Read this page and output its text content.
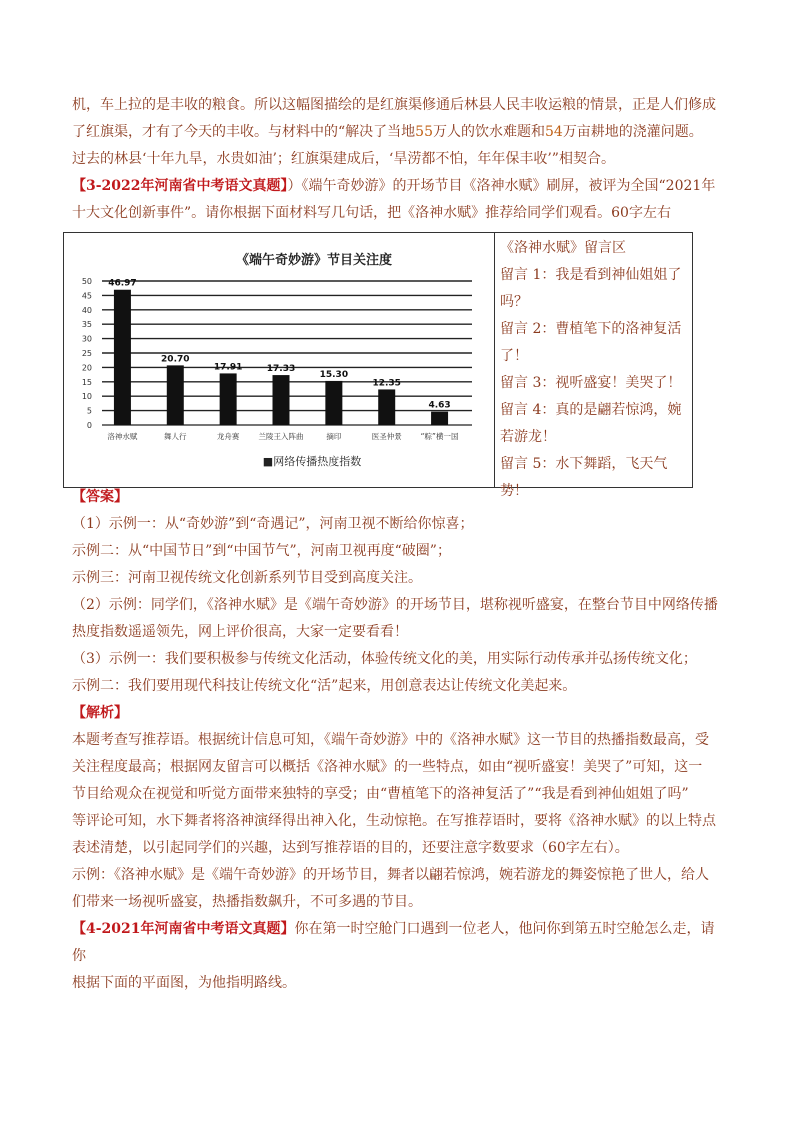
机，车上拉的是丰收的粮食。所以这幅图描绘的是红旗渠修通后林县人民丰收运粮的情景，正是人们修成

了红旗渠，才有了今天的丰收。与材料中的“解决了当地55万人的饮水难题和54万亩耕地的浇灌问题。

过去的林县‘十年九旱，水贵如油’；红旗渠建成后，‘旱涝都不怕，年年保丰收’”相契合。

【3-2022年河南省中考语文真题】）《端午奇妙游》的开场节目《洛神水赋》刷屏，被评为全国“2021年

十大文化创新事件”。请你根据下面材料写几句话，把《洛神水赋》推荐给同学们观看。60字左右

《端午奇妙游》节目关注度
50
45
40
35
30
25
20
15
10
5
0
46.97
洛神水赋
20.70
舞人行
17.91
龙舟赛
17.33
兰陵王入阵曲
15.30
摘印
12.35
医圣仲景
4.63
“粽”横一国
■网络传播热度指数
《洛神水赋》留言区
留言 1：我是看到神仙姐姐了
吗？
留言 2：曹植笔下的洛神复活
了！
留言 3：视听盛宴！美哭了！
留言 4：真的是翩若惊鸿，婉
若游龙！
留言 5：水下舞蹈，飞天气势！

【答案】

（1）示例一：从“奇妙游”到“奇遇记”，河南卫视不断给你惊喜；

示例二：从“中国节日”到“中国节气”，河南卫视再度“破圈”；

示例三：河南卫视传统文化创新系列节目受到高度关注。

（2）示例：同学们，《洛神水赋》是《端午奇妙游》的开场节目，堪称视听盛宴，在整台节目中网络传播

热度指数遥遥领先，网上评价很高，大家一定要看看！

（3）示例一：我们要积极参与传统文化活动，体验传统文化的美，用实际行动传承并弘扬传统文化；

示例二：我们要用现代科技让传统文化“活”起来，用创意表达让传统文化美起来。

【解析】

本题考查写推荐语。根据统计信息可知，《端午奇妙游》中的《洛神水赋》这一节目的热播指数最高，受

关注程度最高；根据网友留言可以概括《洛神水赋》的一些特点，如由“视听盛宴！美哭了”可知，这一

节目给观众在视觉和听觉方面带来独特的享受；由“曹植笔下的洛神复活了”“我是看到神仙姐姐了吗”

等评论可知，水下舞者将洛神演绎得出神入化，生动惊艳。在写推荐语时，要将《洛神水赋》的以上特点

表述清楚，以引起同学们的兴趣，达到写推荐语的目的，还要注意字数要求（60字左右）。

示例：《洛神水赋》是《端午奇妙游》的开场节目，舞者以翩若惊鸿，婉若游龙的舞姿惊艳了世人，给人

们带来一场视听盛宴，热播指数飙升，不可多遇的节目。

【4-2021年河南省中考语文真题】你在第一时空舱门口遇到一位老人，他问你到第五时空舱怎么走，请你

根据下面的平面图，为他指明路线。
